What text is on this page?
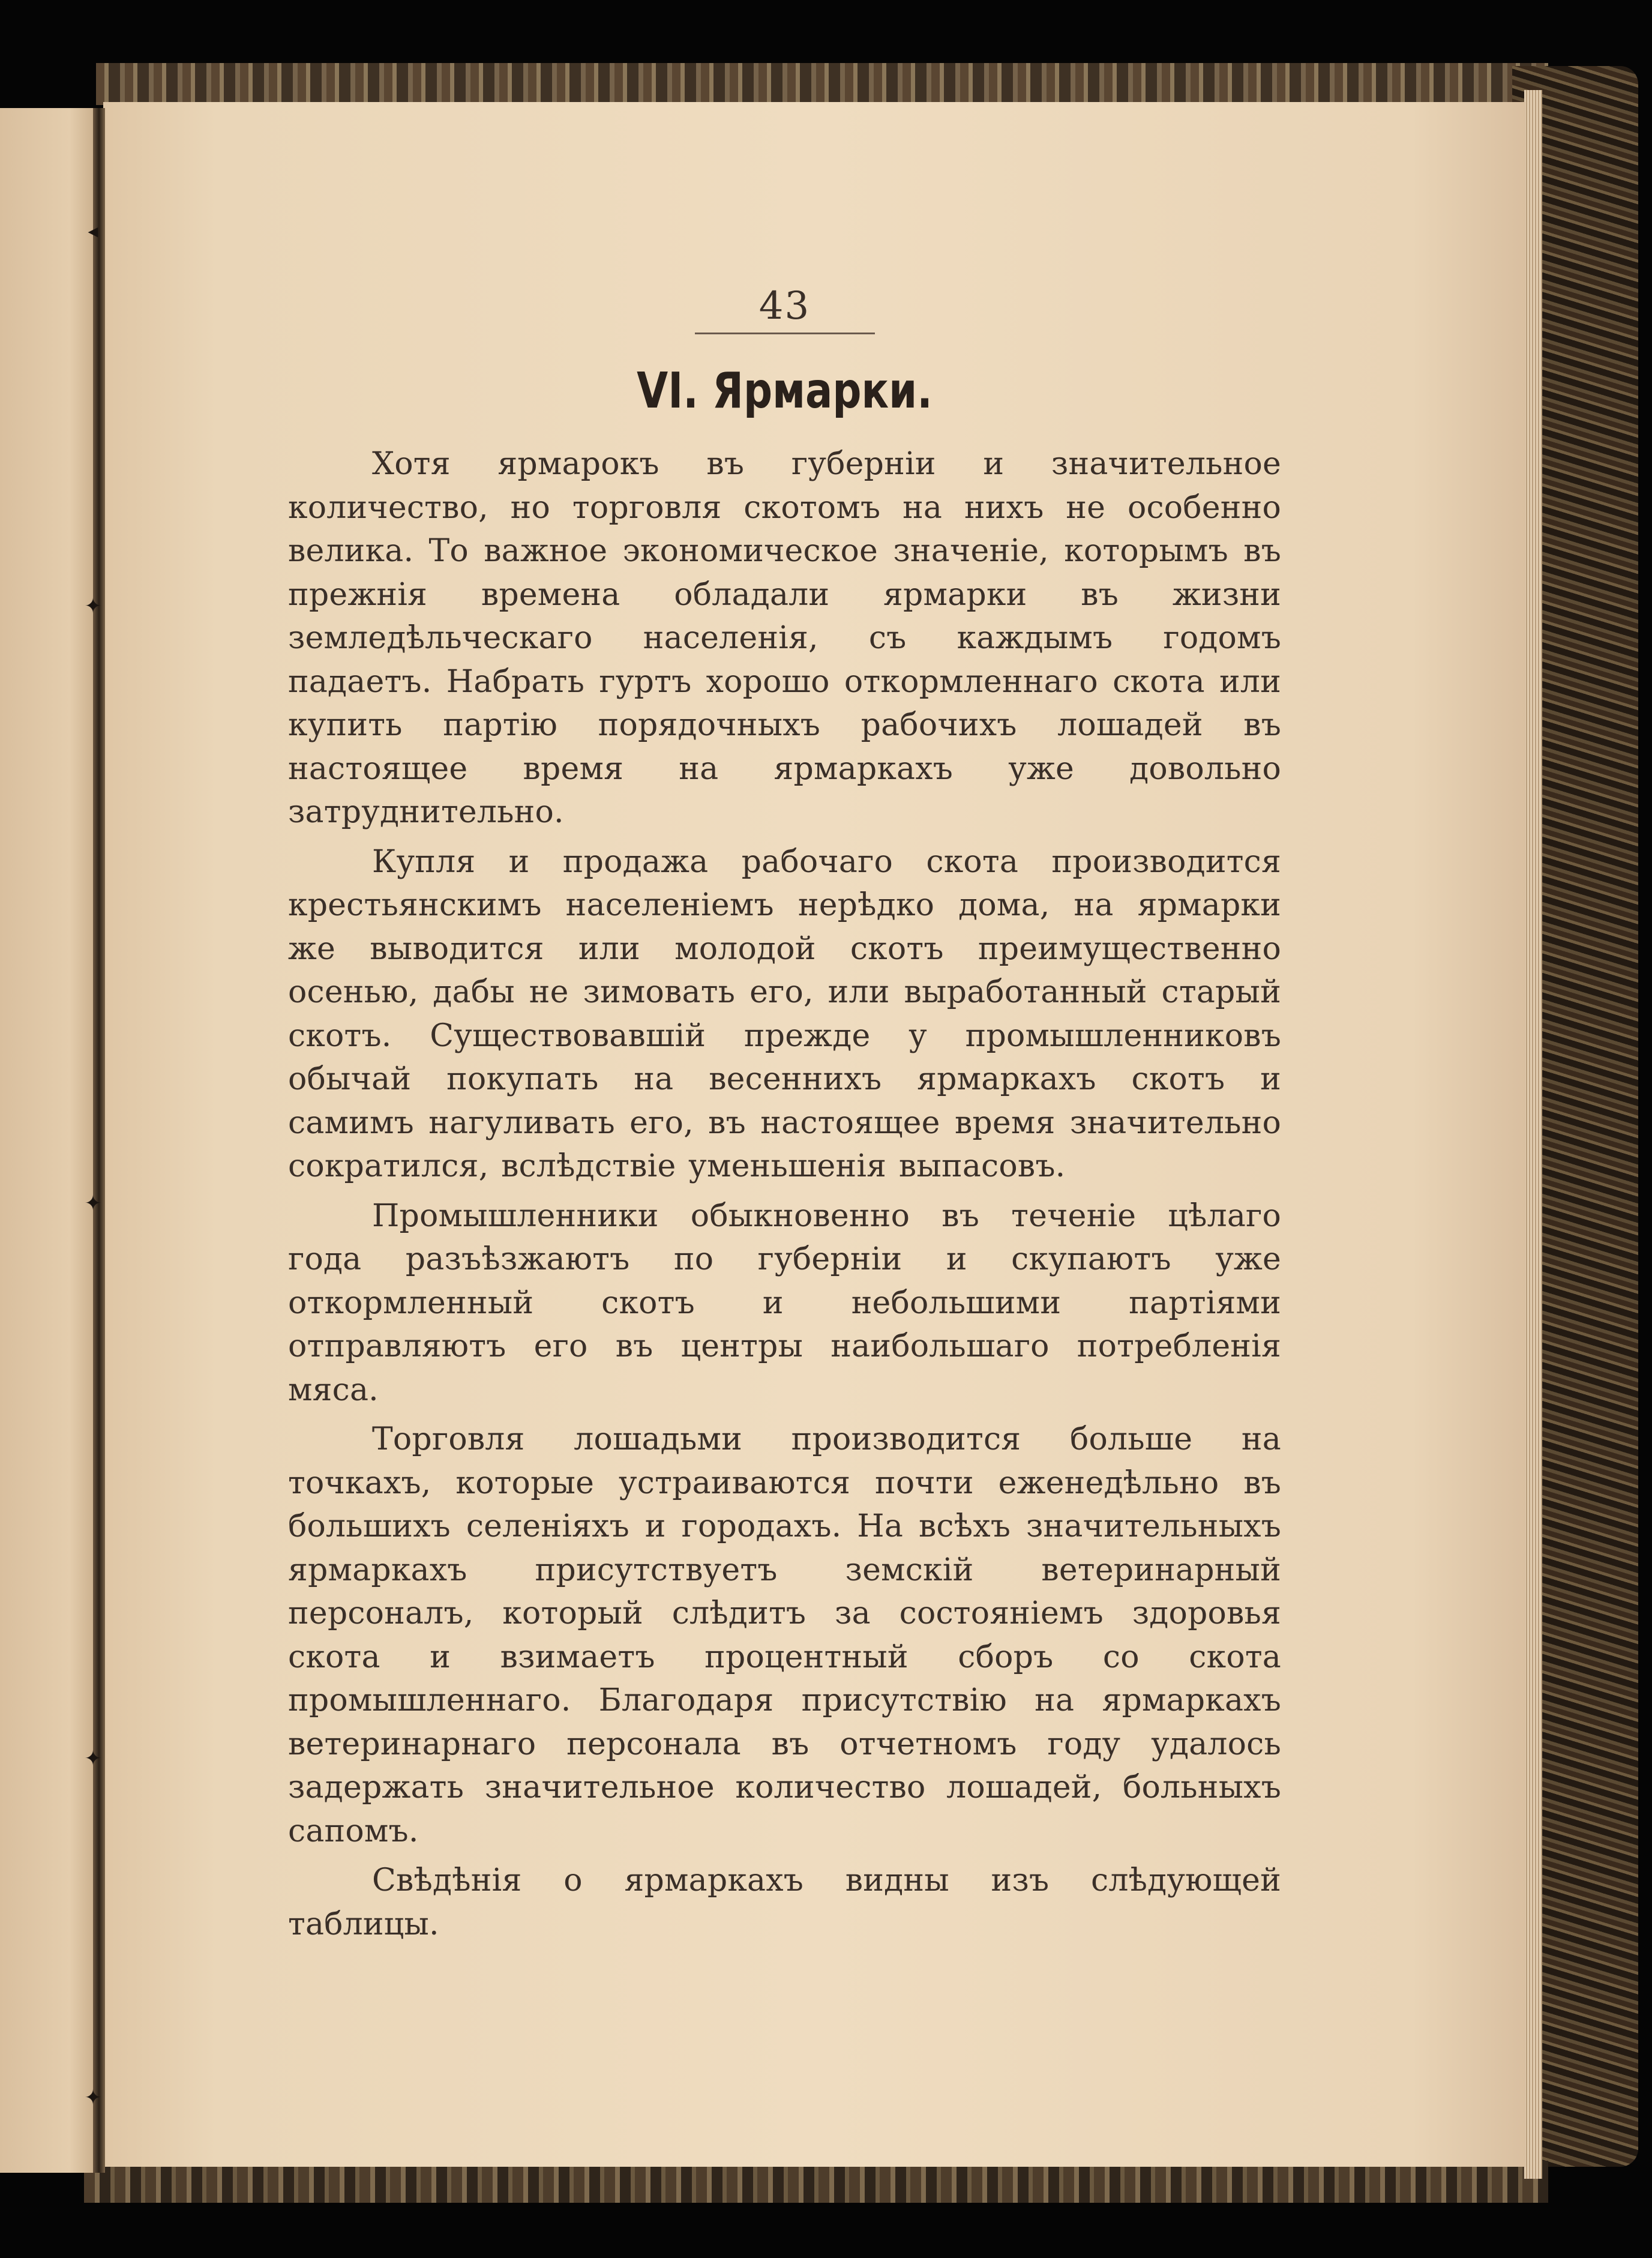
◂
✦
✦
✦
✦
43
VI. Ярмарки.

Хотя ярмарокъ въ губерніи и значительное количество, но торговля скотомъ на нихъ не особенно велика. То важное экономическое значеніе, которымъ въ прежнія времена обладали ярмарки въ жизни земледѣльческаго населенія, съ каждымъ годомъ падаетъ. Набрать гуртъ хорошо откормленнаго скота или купить партію порядочныхъ рабочихъ лошадей въ настоящее время на ярмаркахъ уже довольно затруднительно.

Купля и продажа рабочаго скота производится крестьянскимъ населеніемъ нерѣдко дома, на ярмарки же выводится или молодой скотъ преимущественно осенью, дабы не зимовать его, или выработанный старый скотъ. Существовавшій прежде у промышленниковъ обычай покупать на весеннихъ ярмаркахъ скотъ и самимъ нагуливать его, въ настоящее время значительно сократился, вслѣдствіе уменьшенія выпасовъ.

Промышленники обыкновенно въ теченіе цѣлаго года разъѣзжаютъ по губерніи и скупаютъ уже откормленный скотъ и небольшими партіями отправляютъ его въ центры наибольшаго потребленія мяса.

Торговля лошадьми производится больше на точкахъ, которые устраиваются почти еженедѣльно въ большихъ селеніяхъ и городахъ. На всѣхъ значительныхъ ярмаркахъ присутствуетъ земскій ветеринарный персоналъ, который слѣдитъ за состояніемъ здоровья скота и взимаетъ процентный сборъ со скота промышленнаго. Благодаря присутствію на ярмаркахъ ветеринарнаго персонала въ отчетномъ году удалось задержать значительное количество лошадей, больныхъ сапомъ.

Свѣдѣнія о ярмаркахъ видны изъ слѣдующей таблицы.
